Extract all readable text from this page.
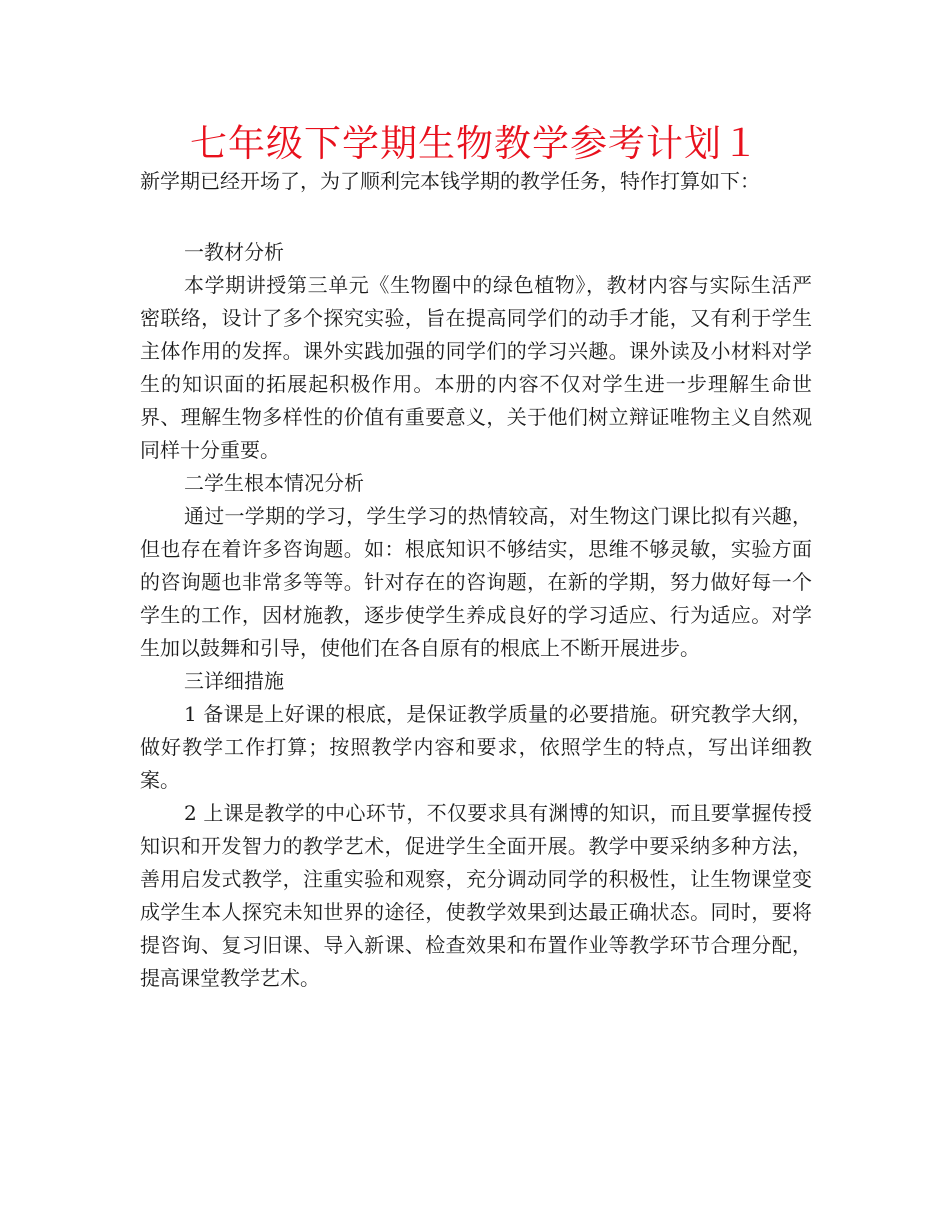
七年级下学期生物教学参考计划１

新学期已经开场了，为了顺利完本钱学期的教学任务，特作打算如下：

一教材分析

本学期讲授第三单元《生物圈中的绿色植物》，教材内容与实际生活严密联络，设计了多个探究实验，旨在提高同学们的动手才能，又有利于学生主体作用的发挥。课外实践加强的同学们的学习兴趣。课外读及小材料对学生的知识面的拓展起积极作用。本册的内容不仅对学生进一步理解生命世界、理解生物多样性的价值有重要意义，关于他们树立辩证唯物主义自然观同样十分重要。

二学生根本情况分析

通过一学期的学习，学生学习的热情较高，对生物这门课比拟有兴趣，但也存在着许多咨询题。如：根底知识不够结实，思维不够灵敏，实验方面的咨询题也非常多等等。针对存在的咨询题，在新的学期，努力做好每一个学生的工作，因材施教，逐步使学生养成良好的学习适应、行为适应。对学生加以鼓舞和引导，使他们在各自原有的根底上不断开展进步。

三详细措施

1 备课是上好课的根底，是保证教学质量的必要措施。研究教学大纲，做好教学工作打算；按照教学内容和要求，依照学生的特点，写出详细教案。

2 上课是教学的中心环节，不仅要求具有渊博的知识，而且要掌握传授知识和开发智力的教学艺术，促进学生全面开展。教学中要采纳多种方法，善用启发式教学，注重实验和观察，充分调动同学的积极性，让生物课堂变成学生本人探究未知世界的途径，使教学效果到达最正确状态。同时，要将提咨询、复习旧课、导入新课、检查效果和布置作业等教学环节合理分配，提高课堂教学艺术。
